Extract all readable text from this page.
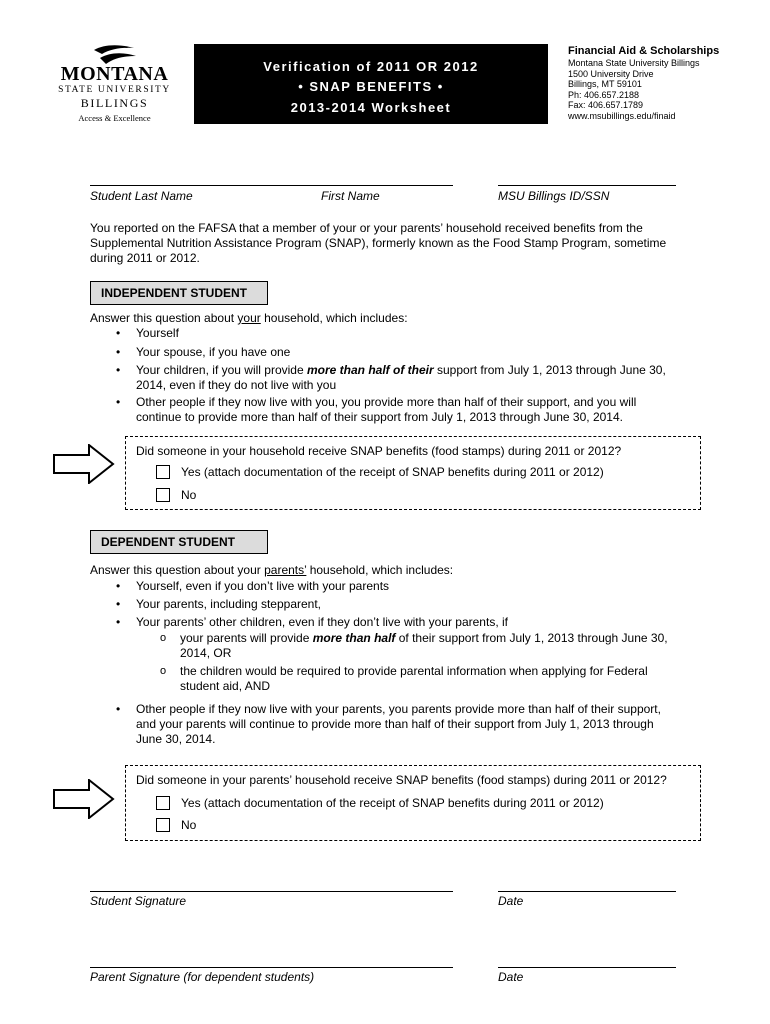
MONTANA
STATE UNIVERSITY
BILLINGS
Access & Excellence
Verification of 2011 OR 2012
• SNAP BENEFITS •
2013-2014 Worksheet
Financial Aid & Scholarships
Montana State University Billings
1500 University Drive
Billings, MT 59101
Ph: 406.657.2188
Fax: 406.657.1789
www.msubillings.edu/finaid
Student Last Name	First Name	MSU Billings ID/SSN
You reported on the FAFSA that a member of your or your parents’ household received benefits from the Supplemental Nutrition Assistance Program (SNAP), formerly known as the Food Stamp Program, sometime during 2011 or 2012.
INDEPENDENT STUDENT
Answer this question about your household, which includes:
• Yourself
• Your spouse, if you have one
• Your children, if you will provide more than half of their support from July 1, 2013 through June 30, 2014, even if they do not live with you
• Other people if they now live with you, you provide more than half of their support, and you will continue to provide more than half of their support from July 1, 2013 through June 30, 2014.
Did someone in your household receive SNAP benefits (food stamps) during 2011 or 2012?
Yes (attach documentation of the receipt of SNAP benefits during 2011 or 2012)
No
DEPENDENT STUDENT
Answer this question about your parents’ household, which includes:
• Yourself, even if you don’t live with your parents
• Your parents, including stepparent,
• Your parents’ other children, even if they don’t live with your parents, if
o your parents will provide more than half of their support from July 1, 2013 through June 30, 2014, OR
o the children would be required to provide parental information when applying for Federal student aid, AND
• Other people if they now live with your parents, you parents provide more than half of their support, and your parents will continue to provide more than half of their support from July 1, 2013 through June 30, 2014.
Did someone in your parents’ household receive SNAP benefits (food stamps) during 2011 or 2012?
Yes (attach documentation of the receipt of SNAP benefits during 2011 or 2012)
No
Student Signature	Date
Parent Signature (for dependent students)	Date
